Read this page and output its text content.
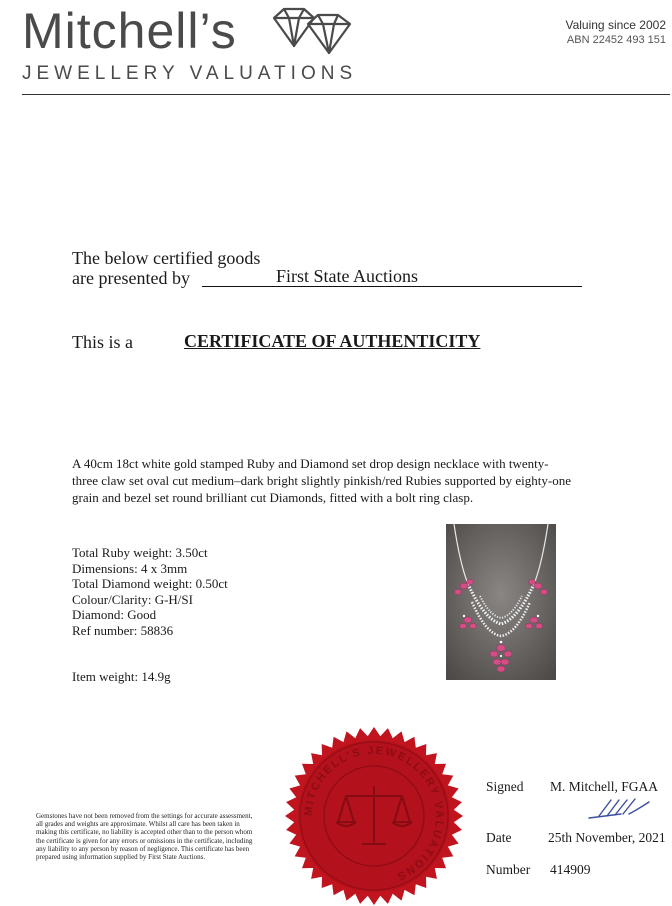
Mitchell’s
JEWELLERY VALUATIONS
Valuing since 2002
ABN 22452 493 151
The below certified goods
are presented by	First State Auctions
This is a	CERTIFICATE OF AUTHENTICITY
A 40cm 18ct white gold stamped Ruby and Diamond set drop design necklace with twenty-three claw set oval cut medium–dark bright slightly pinkish/red Rubies supported by eighty-one grain and bezel set round brilliant cut Diamonds, fitted with a bolt ring clasp.
Total Ruby weight: 3.50ct
Dimensions: 4 x 3mm
Total Diamond weight: 0.50ct
Colour/Clarity: G-H/SI
Diamond: Good
Ref number: 58836
Item weight: 14.9g
MITCHELL’S JEWELLERY VALUATIONS
Gemstones have not been removed from the settings for accurate assessment, all grades and weights are approximate. Whilst all care has been taken in making this certificate, no liability is accepted other than to the person whom the certificate is given for any errors or omissions in the certificate, including any liability to any person by reason of negligence. This certificate has been prepared using information supplied by First State Auctions.
Signed M. Mitchell, FGAA
Date	25th November, 2021
Number 414909
